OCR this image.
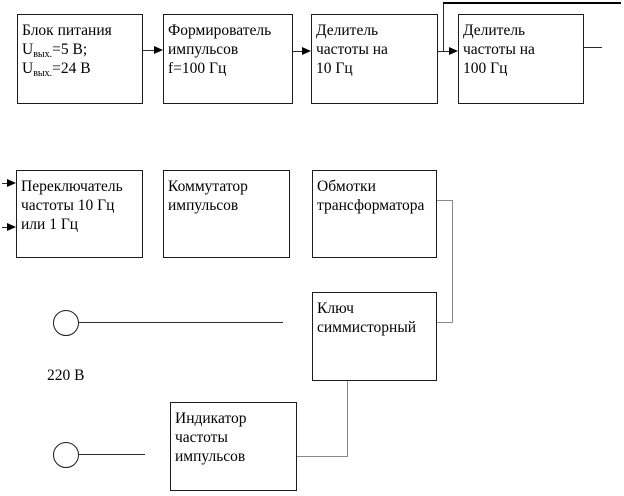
Блок питания
$U_{вых.}=5$ В;
$U_{вых.}=24$ В
Формирователь
импульсов
f=100 Гц
Делитель
частоты на
10 Гц
Делитель
частоты на
100 Гц
Переключатель
частоты 10 Гц
или 1 Гц
Коммутатор
импульсов
Обмотки
трансформатора
Ключ
симмисторный
Индикатор
частоты
импульсов
220 В
